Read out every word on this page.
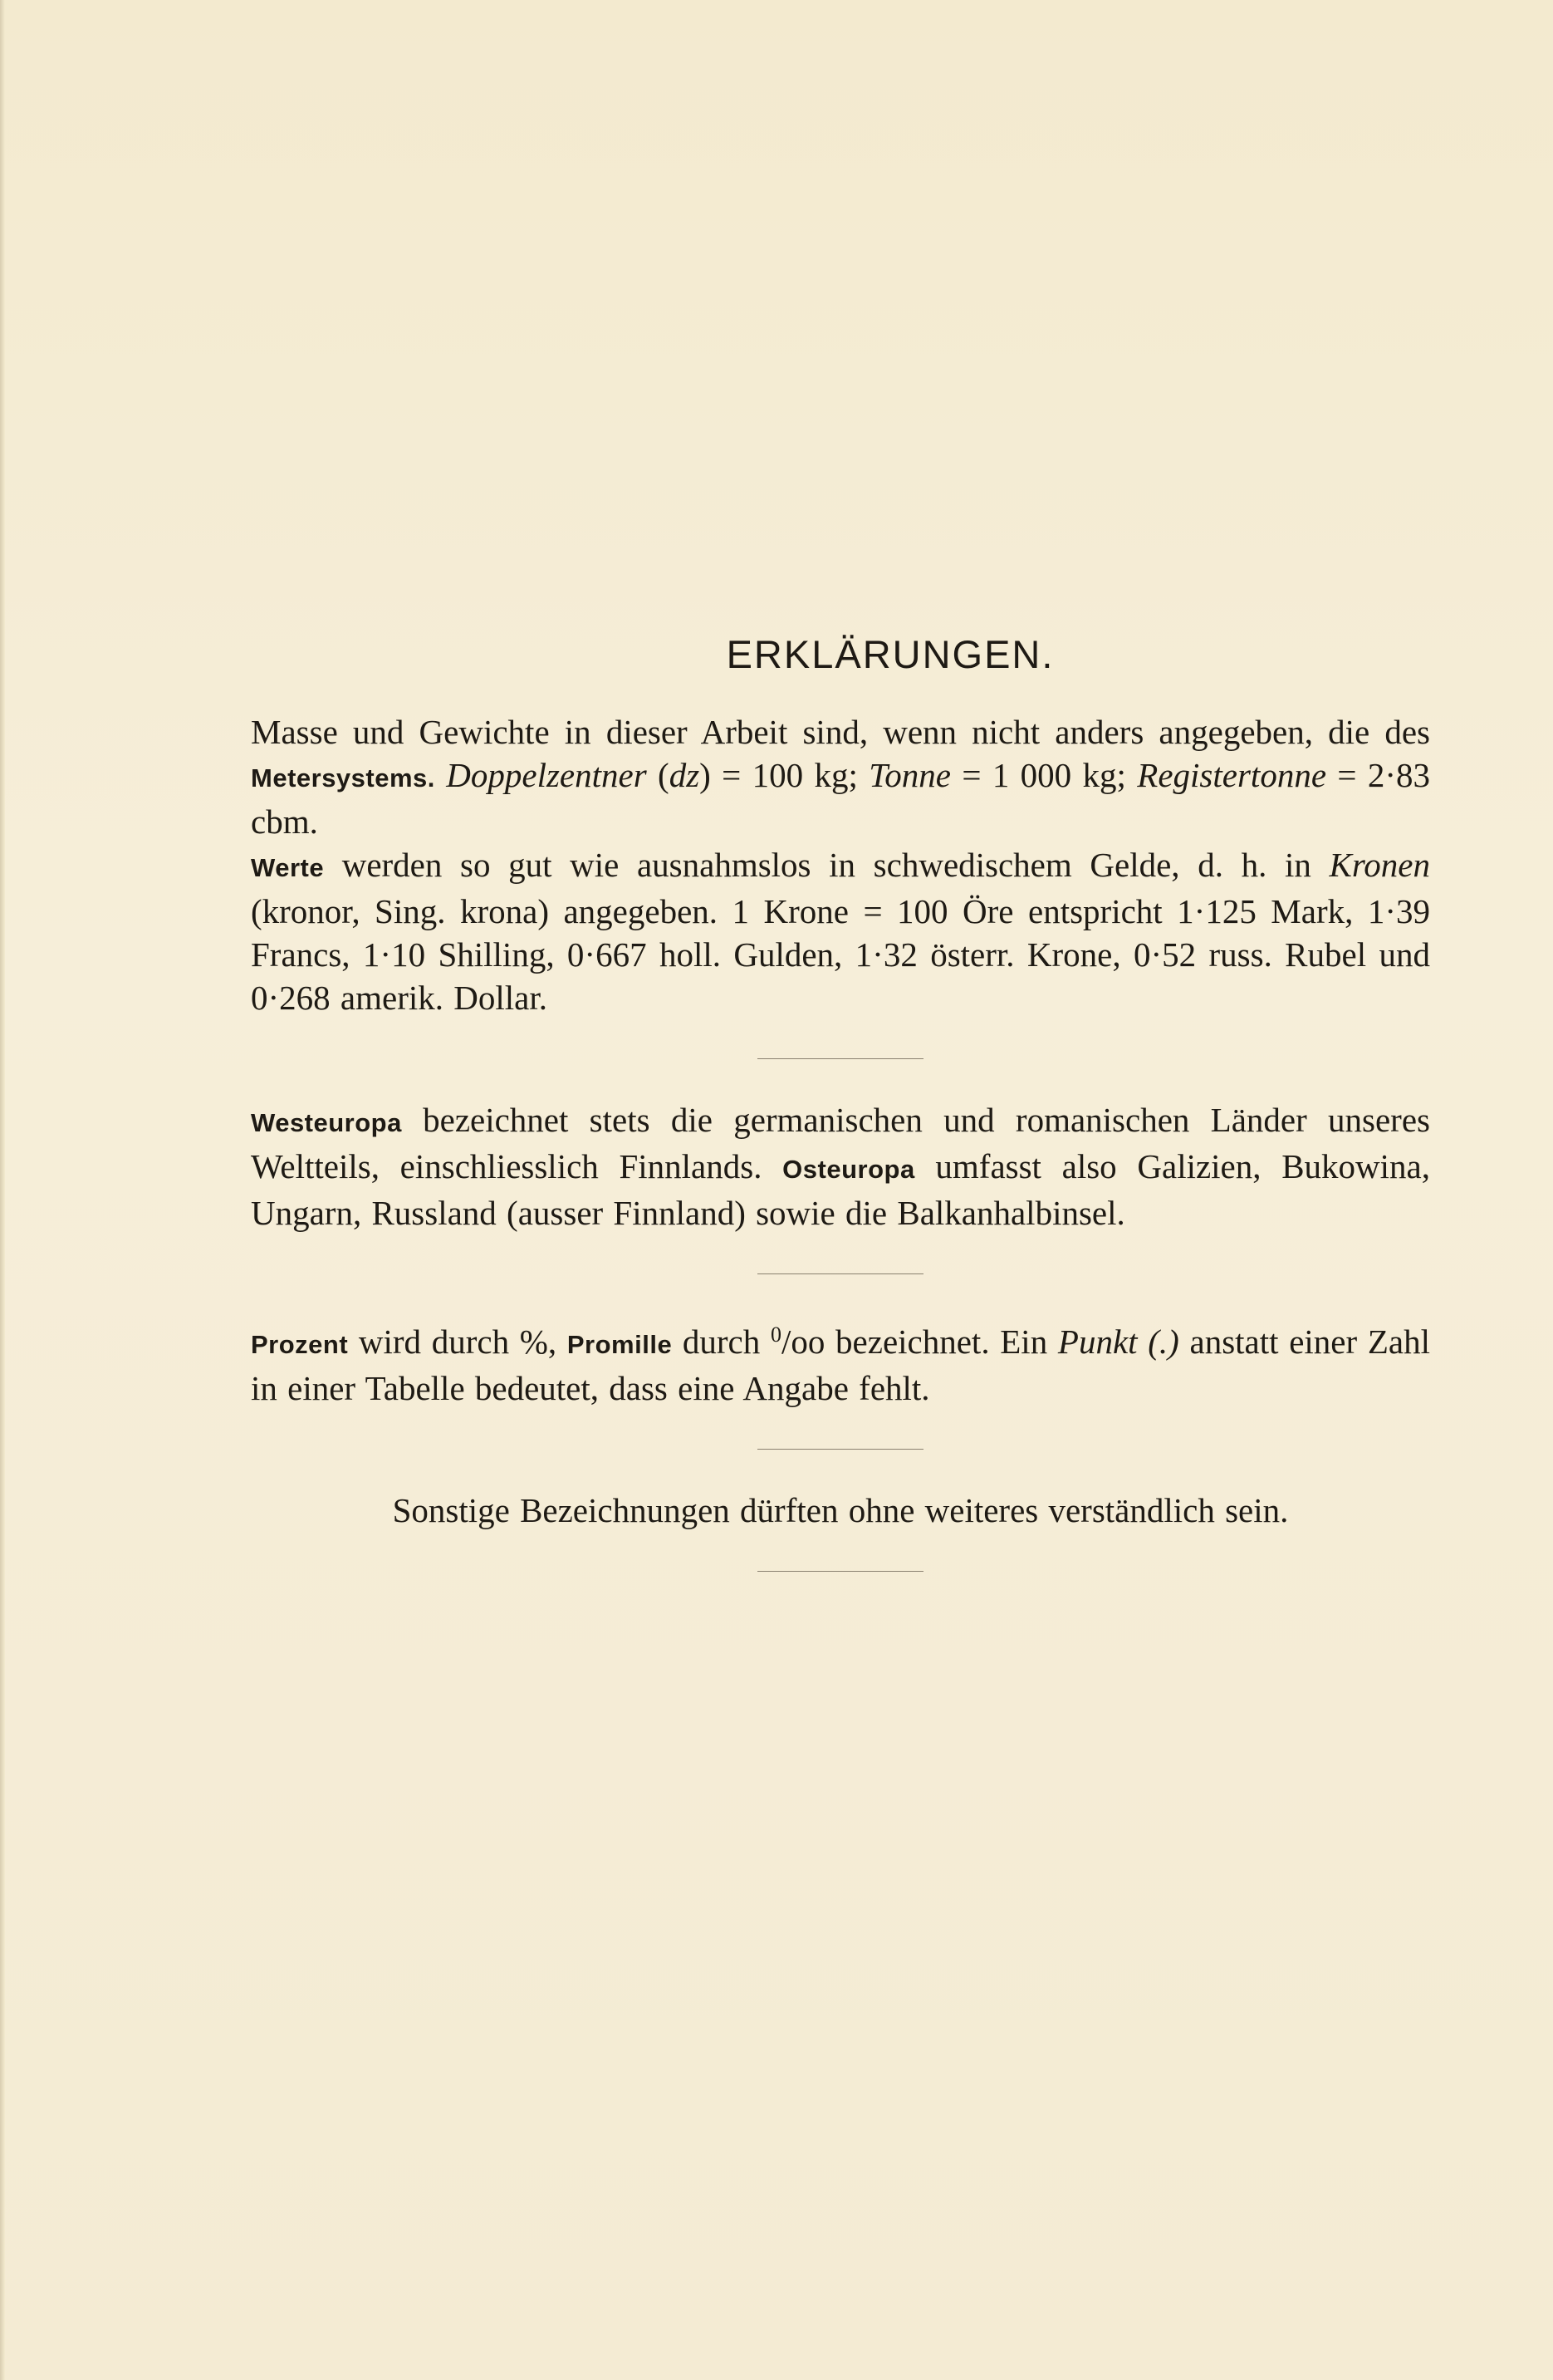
ERKLÄRUNGEN.

Masse und Gewichte in dieser Arbeit sind, wenn nicht anders angegeben, die des Metersystems. Doppelzentner (dz) = 100 kg; Tonne = 1 000 kg; Registertonne = 2·83 cbm.

Werte werden so gut wie ausnahmslos in schwedischem Gelde, d. h. in Kronen (kronor, Sing. krona) angegeben. 1 Krone = 100 Öre entspricht 1·125 Mark, 1·39 Francs, 1·10 Shilling, 0·667 holl. Gulden, 1·32 österr. Krone, 0·52 russ. Rubel und 0·268 amerik. Dollar.

Westeuropa bezeichnet stets die germanischen und romanischen Länder unseres Weltteils, einschliesslich Finnlands. Osteuropa umfasst also Galizien, Bukowina, Ungarn, Russland (ausser Finnland) sowie die Balkanhalbinsel.

Prozent wird durch %, Promille durch $^0$/oo bezeichnet. Ein Punkt (.) anstatt einer Zahl in einer Tabelle bedeutet, dass eine Angabe fehlt.

Sonstige Bezeichnungen dürften ohne weiteres verständlich sein.
